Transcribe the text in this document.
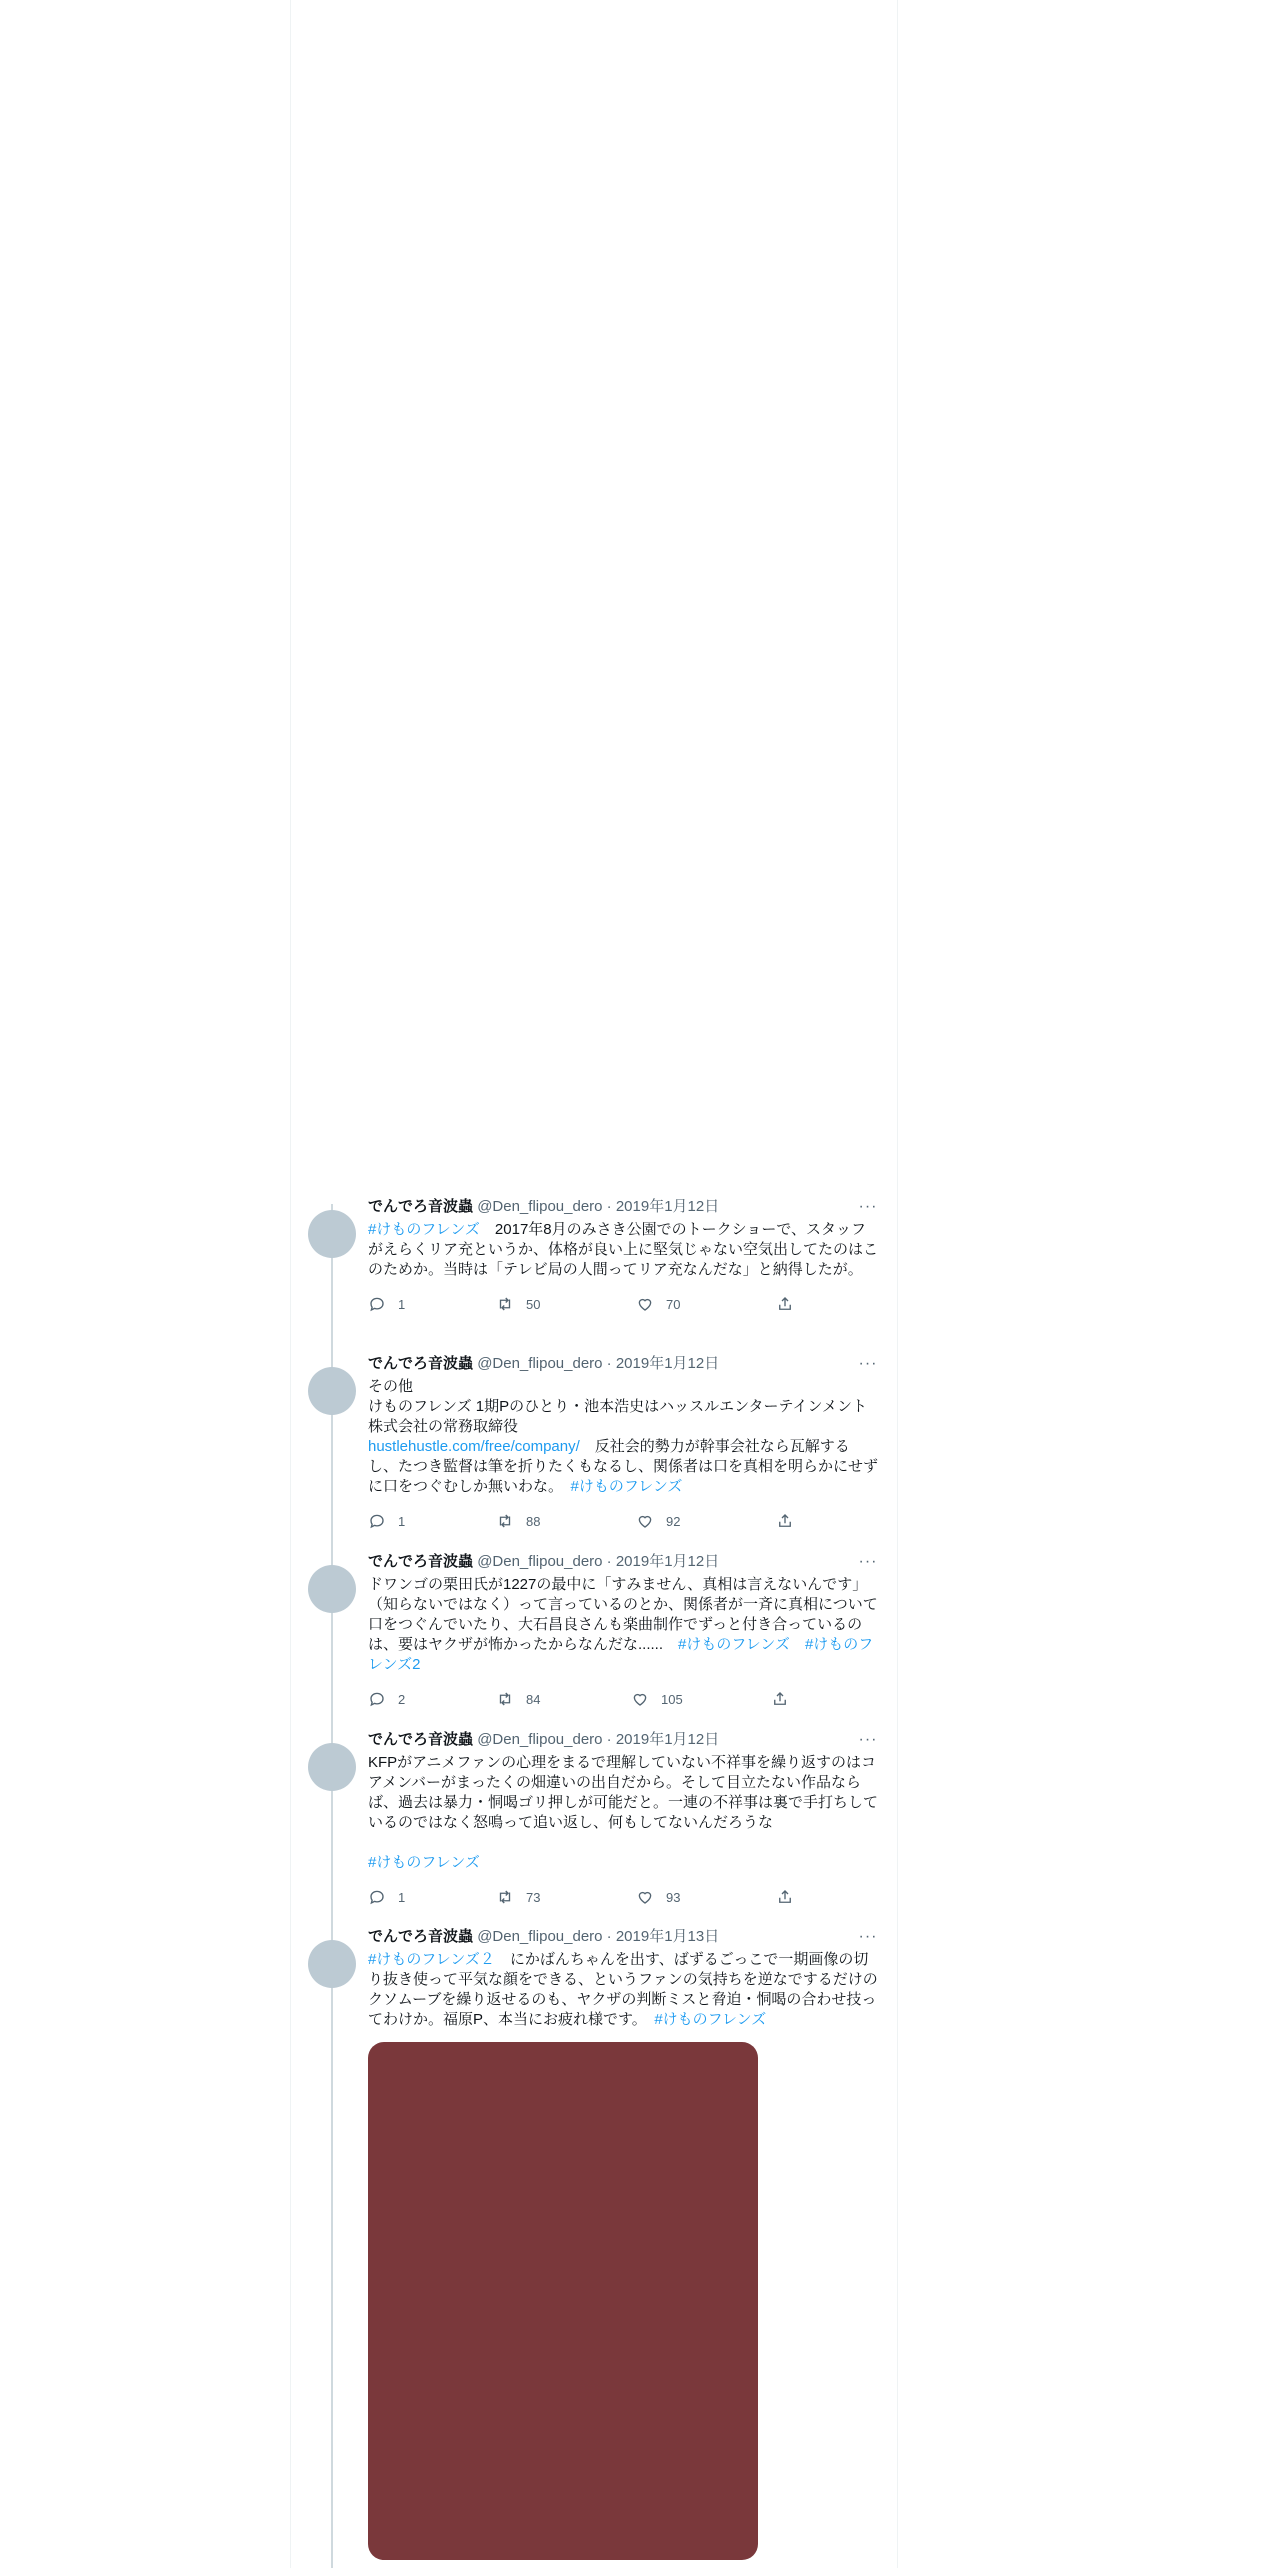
でんでろ音波蟲 @Den_flipou_dero · 2019年1月12日	···
#けものフレンズ　2017年8月のみさき公園でのトークショーで、スタッフがえらくリア充というか、体格が良い上に堅気じゃない空気出してたのはこのためか。当時は「テレビ局の人間ってリア充なんだな」と納得したが。
1	50	70
でんでろ音波蟲 @Den_flipou_dero · 2019年1月12日	···

その他

けものフレンズ 1期Pのひとり・池本浩史はハッスルエンターテインメント株式会社の常務取締役

hustlehustle.com/free/company/　反社会的勢力が幹事会社なら瓦解するし、たつき監督は筆を折りたくもなるし、関係者は口を真相を明らかにせずに口をつぐむしか無いわな。　#けものフレンズ

1	88	92
でんでろ音波蟲 @Den_flipou_dero · 2019年1月12日	···
ドワンゴの栗田氏が1227の最中に「すみません、真相は言えないんです」（知らないではなく）って言っているのとか、関係者が一斉に真相について口をつぐんでいたり、大石昌良さんも楽曲制作でずっと付き合っているのは、要はヤクザが怖かったからなんだな......　#けものフレンズ　 #けものフレンズ2
2	84	105
でんでろ音波蟲 @Den_flipou_dero · 2019年1月12日	···

KFPがアニメファンの心理をまるで理解していない不祥事を繰り返すのはコアメンバーがまったくの畑違いの出自だから。そして目立たない作品ならば、過去は暴力・恫喝ゴリ押しが可能だと。一連の不祥事は裏で手打ちしているのではなく怒鳴って追い返し、何もしてないんだろうな

#けものフレンズ

1	73	93
でんでろ音波蟲 @Den_flipou_dero · 2019年1月13日	···
#けものフレンズ２　にかばんちゃんを出す、ばずるごっこで一期画像の切り抜き使って平気な顔をできる、というファンの気持ちを逆なでするだけのクソムーブを繰り返せるのも、ヤクザの判断ミスと脅迫・恫喝の合わせ技ってわけか。福原P、本当にお疲れ様です。　#けものフレンズ
